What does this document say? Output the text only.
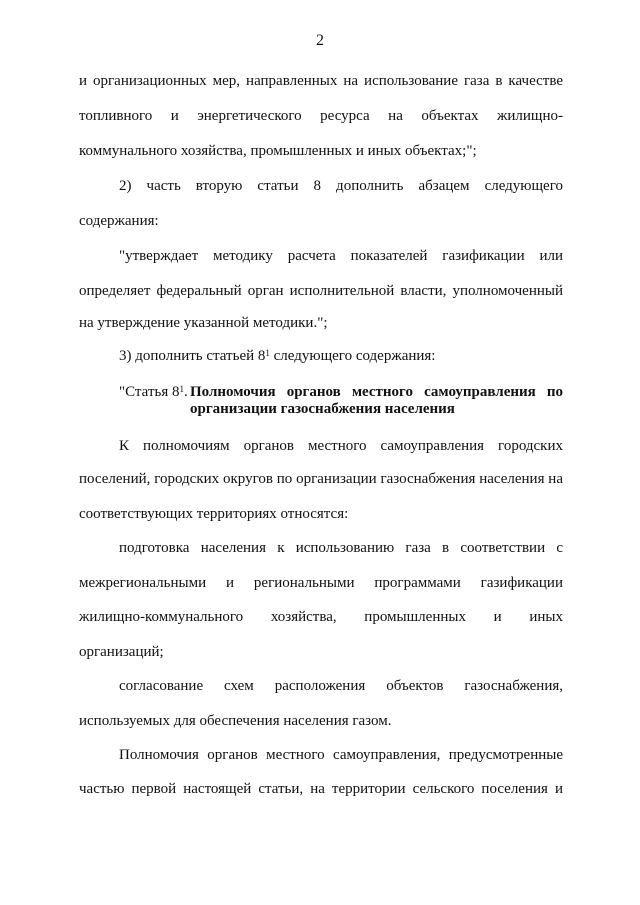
2
и организационных мер, направленных на использование газа в качестве
топливного и энергетического ресурса на объектах жилищно-
коммунального хозяйства, промышленных и иных объектах;";
2) часть вторую статьи 8 дополнить абзацем следующего
содержания:
"утверждает методику расчета показателей газификации или
определяет федеральный орган исполнительной власти, уполномоченный
на утверждение указанной методики.";
3) дополнить статьей $8^1$ следующего содержания:
"Статья $8^1$. Полномочия органов местного самоуправления по
организации газоснабжения населения
К полномочиям органов местного самоуправления городских
поселений, городских округов по организации газоснабжения населения на
соответствующих территориях относятся:
подготовка населения к использованию газа в соответствии с
межрегиональными и региональными программами газификации
жилищно-коммунального хозяйства, промышленных и иных
организаций;
согласование схем расположения объектов газоснабжения,
используемых для обеспечения населения газом.
Полномочия органов местного самоуправления, предусмотренные
частью первой настоящей статьи, на территории сельского поселения и
